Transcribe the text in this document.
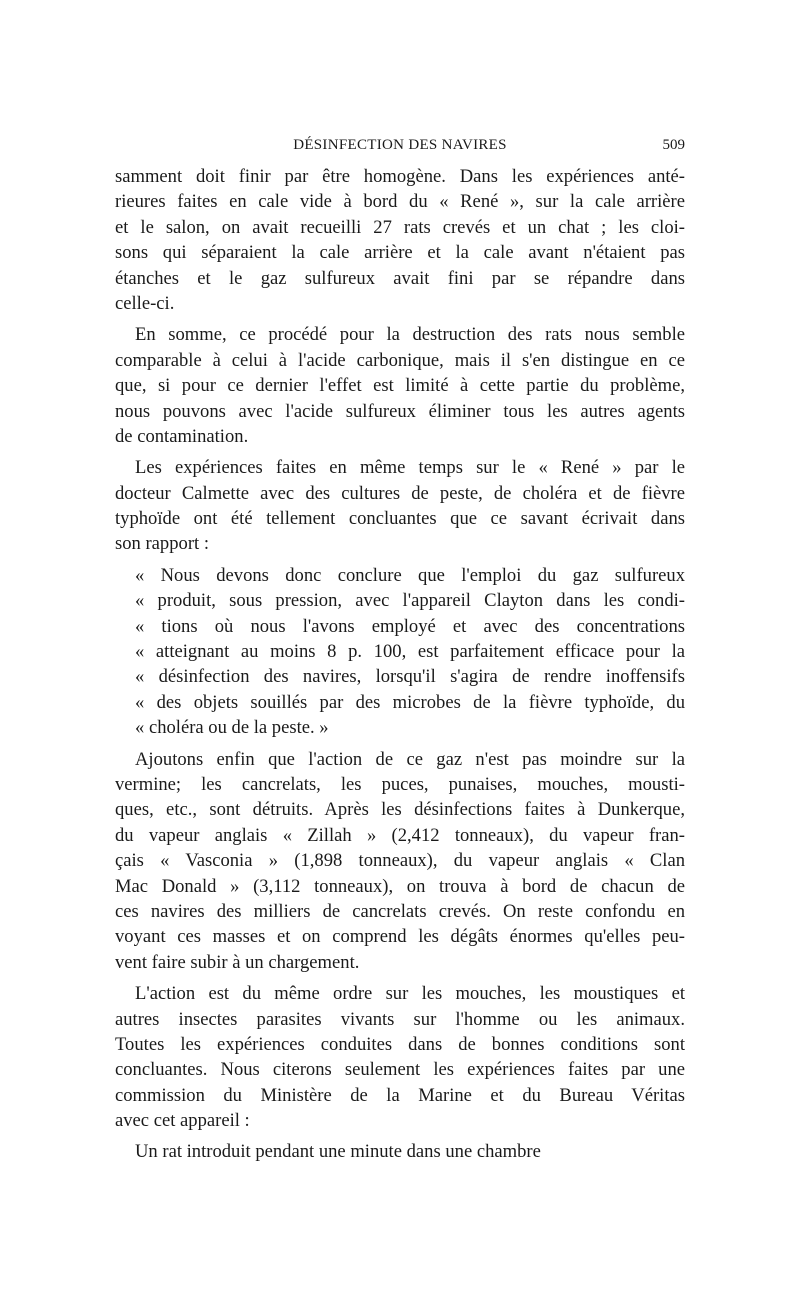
DÉSINFECTION DES NAVIRES	509
samment doit finir par être homogène. Dans les expériences anté-
rieures faites en cale vide à bord du « René », sur la cale arrière
et le salon, on avait recueilli 27 rats crevés et un chat ; les cloi-
sons qui séparaient la cale arrière et la cale avant n'étaient pas
étanches et le gaz sulfureux avait fini par se répandre dans
celle-ci.
En somme, ce procédé pour la destruction des rats nous semble
comparable à celui à l'acide carbonique, mais il s'en distingue en ce
que, si pour ce dernier l'effet est limité à cette partie du problème,
nous pouvons avec l'acide sulfureux éliminer tous les autres agents
de contamination.
Les expériences faites en même temps sur le « René » par le
docteur Calmette avec des cultures de peste, de choléra et de fièvre
typhoïde ont été tellement concluantes que ce savant écrivait dans
son rapport :
« Nous devons donc conclure que l'emploi du gaz sulfureux
« produit, sous pression, avec l'appareil Clayton dans les condi-
« tions où nous l'avons employé et avec des concentrations
« atteignant au moins 8 p. 100, est parfaitement efficace pour la
« désinfection des navires, lorsqu'il s'agira de rendre inoffensifs
« des objets souillés par des microbes de la fièvre typhoïde, du
« choléra ou de la peste. »
Ajoutons enfin que l'action de ce gaz n'est pas moindre sur la
vermine; les cancrelats, les puces, punaises, mouches, mousti-
ques, etc., sont détruits. Après les désinfections faites à Dunkerque,
du vapeur anglais « Zillah » (2,412 tonneaux), du vapeur fran-
çais « Vasconia » (1,898 tonneaux), du vapeur anglais « Clan
Mac Donald » (3,112 tonneaux), on trouva à bord de chacun de
ces navires des milliers de cancrelats crevés. On reste confondu en
voyant ces masses et on comprend les dégâts énormes qu'elles peu-
vent faire subir à un chargement.
L'action est du même ordre sur les mouches, les moustiques et
autres insectes parasites vivants sur l'homme ou les animaux.
Toutes les expériences conduites dans de bonnes conditions sont
concluantes. Nous citerons seulement les expériences faites par une
commission du Ministère de la Marine et du Bureau Véritas
avec cet appareil :
Un rat introduit pendant une minute dans une chambre
